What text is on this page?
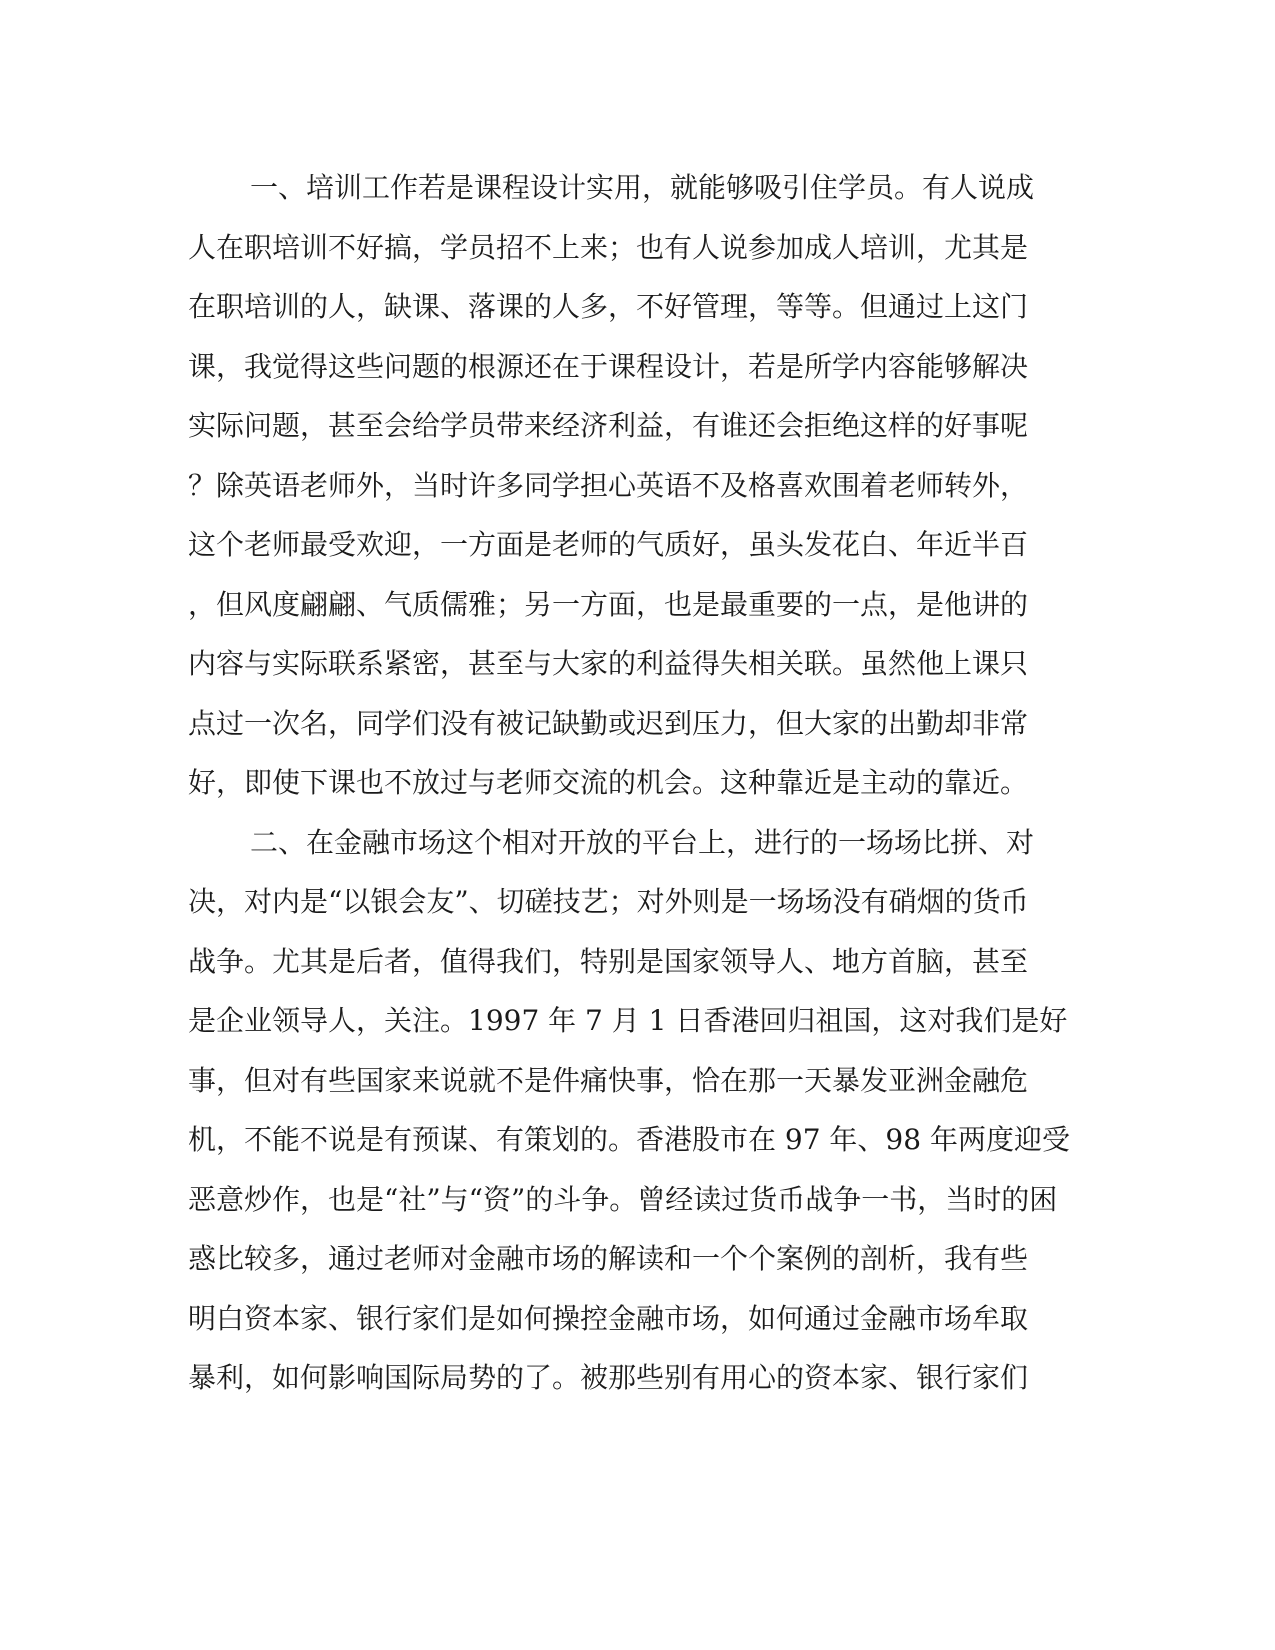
一、培训工作若是课程设计实用，就能够吸引住学员。有人说成
人在职培训不好搞，学员招不上来；也有人说参加成人培训，尤其是
在职培训的人，缺课、落课的人多，不好管理，等等。但通过上这门
课，我觉得这些问题的根源还在于课程设计，若是所学内容能够解决
实际问题，甚至会给学员带来经济利益，有谁还会拒绝这样的好事呢
？除英语老师外，当时许多同学担心英语不及格喜欢围着老师转外，
这个老师最受欢迎，一方面是老师的气质好，虽头发花白、年近半百
，但风度翩翩、气质儒雅；另一方面，也是最重要的一点，是他讲的
内容与实际联系紧密，甚至与大家的利益得失相关联。虽然他上课只
点过一次名，同学们没有被记缺勤或迟到压力，但大家的出勤却非常
好，即使下课也不放过与老师交流的机会。这种靠近是主动的靠近。
二、在金融市场这个相对开放的平台上，进行的一场场比拼、对
决，对内是“以银会友”、切磋技艺；对外则是一场场没有硝烟的货币
战争。尤其是后者，值得我们，特别是国家领导人、地方首脑，甚至
是企业领导人，关注。1997 年 7 月 1 日香港回归祖国，这对我们是好
事，但对有些国家来说就不是件痛快事，恰在那一天暴发亚洲金融危
机，不能不说是有预谋、有策划的。香港股市在 97 年、98 年两度迎受
恶意炒作，也是“社”与“资”的斗争。曾经读过货币战争一书，当时的困
惑比较多，通过老师对金融市场的解读和一个个案例的剖析，我有些
明白资本家、银行家们是如何操控金融市场，如何通过金融市场牟取
暴利，如何影响国际局势的了。被那些别有用心的资本家、银行家们
